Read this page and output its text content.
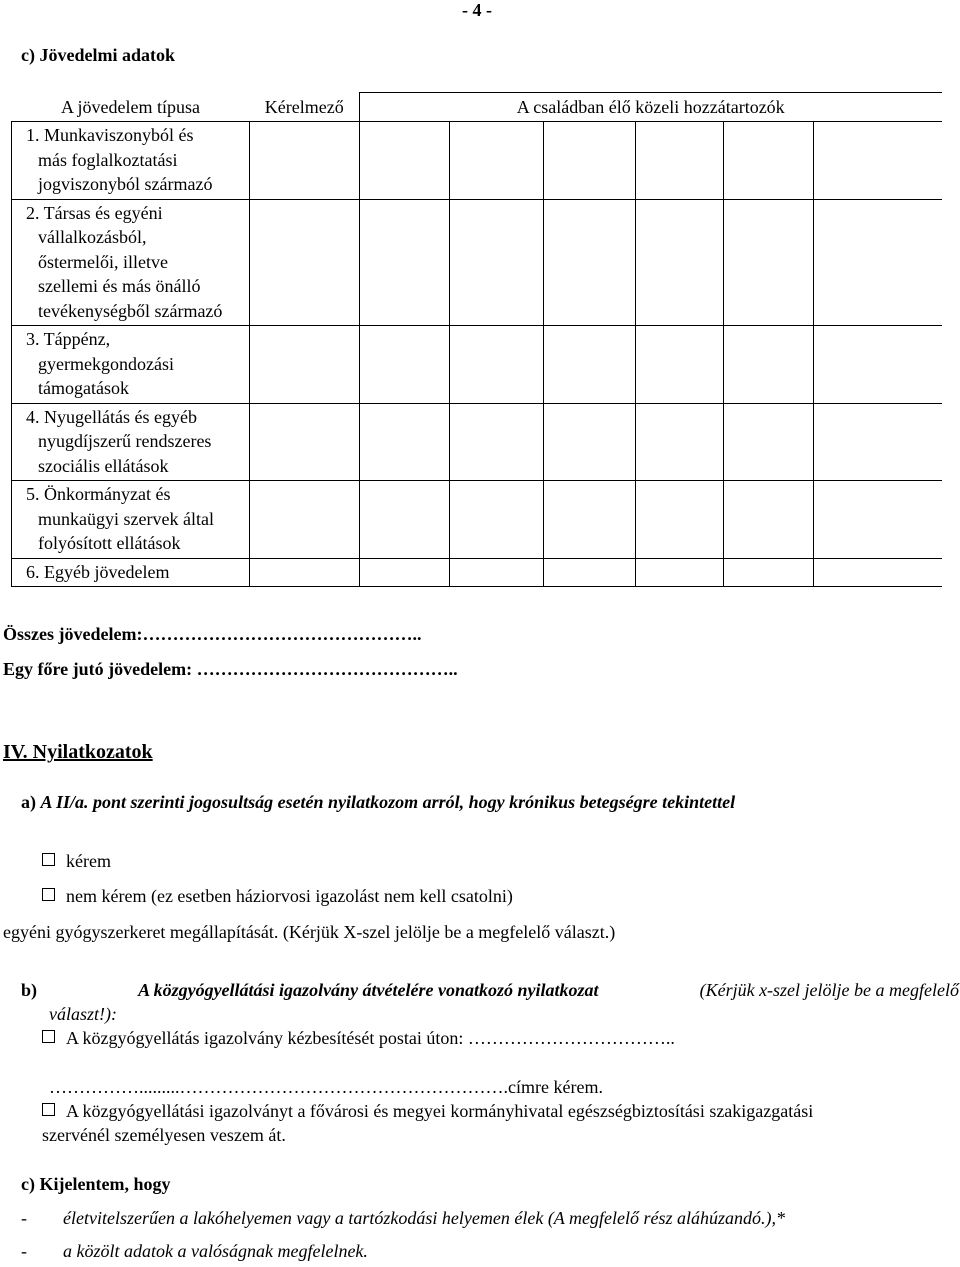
- 4 -
c) Jövedelmi adatok
A jövedelem típusa	Kérelmező	A családban élő közeli hozzátartozók					

1. Munkaviszonyból és
más foglalkoztatási
jogviszonyból származó							

2. Társas és egyéni
vállalkozásból,
őstermelői, illetve
szellemi és más önálló
tevékenységből származó							

3. Táppénz,
gyermekgondozási
támogatások							

4. Nyugellátás és egyéb
nyugdíjszerű rendszeres
szociális ellátások							

5. Önkormányzat és
munkaügyi szervek által
folyósított ellátások							

6. Egyéb jövedelem							

Összes jövedelem:………………………………………..
Egy főre jutó jövedelem: ……………………………………..
IV. Nyilatkozatok
a) A II/a. pont szerinti jogosultság esetén nyilatkozom arról, hogy krónikus betegségre tekintettel
kérem
nem kérem (ez esetben háziorvosi igazolást nem kell csatolni)
egyéni gyógyszerkeret megállapítását. (Kérjük X-szel jelölje be a megfelelő választ.)
b)	A közgyógyellátási igazolvány átvételére vonatkozó nyilatkozat	(Kérjük x-szel jelölje be a megfelelő
választ!):
A közgyógyellátás igazolvány kézbesítését postai úton: ……………………………..
…………….........……………………………………………….címre kérem.
A közgyógyellátási igazolványt a fővárosi és megyei kormányhivatal egészségbiztosítási szakigazgatási
szervénél személyesen veszem át.
c) Kijelentem, hogy
- életvitelszerűen a lakóhelyemen vagy a tartózkodási helyemen élek (A megfelelő rész aláhúzandó.),*
- a közölt adatok a valóságnak megfelelnek.
